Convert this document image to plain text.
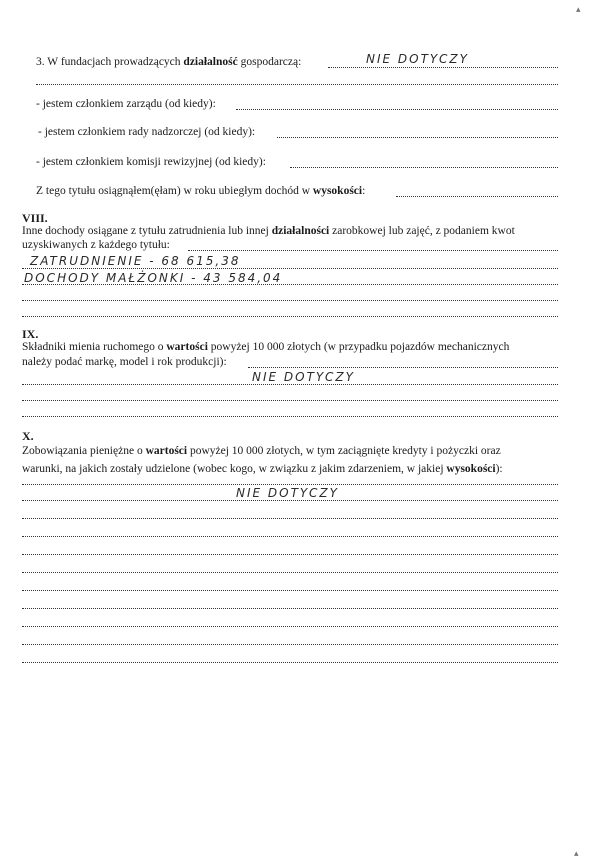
3. W fundacjach prowadzących działalność gospodarczą:	NIE DOTYCZY
- jestem członkiem zarządu (od kiedy):
- jestem członkiem rady nadzorczej (od kiedy):
- jestem członkiem komisji rewizyjnej (od kiedy):
Z tego tytułu osiągnąłem(ęłam) w roku ubiegłym dochód w wysokości:
VIII.
Inne dochody osiągane z tytułu zatrudnienia lub innej działalności zarobkowej lub zajęć, z podaniem kwot
uzyskiwanych z każdego tytułu:
ZATRUDNIENIE - 68 615,38
DOCHODY MAŁŻONKI - 43 584,04
IX.
Składniki mienia ruchomego o wartości powyżej 10 000 złotych (w przypadku pojazdów mechanicznych
należy podać markę, model i rok produkcji):
NIE DOTYCZY
X.
Zobowiązania pieniężne o wartości powyżej 10 000 złotych, w tym zaciągnięte kredyty i pożyczki oraz
warunki, na jakich zostały udzielone (wobec kogo, w związku z jakim zdarzeniem, w jakiej wysokości):
NIE DOTYCZY
▴
▴
